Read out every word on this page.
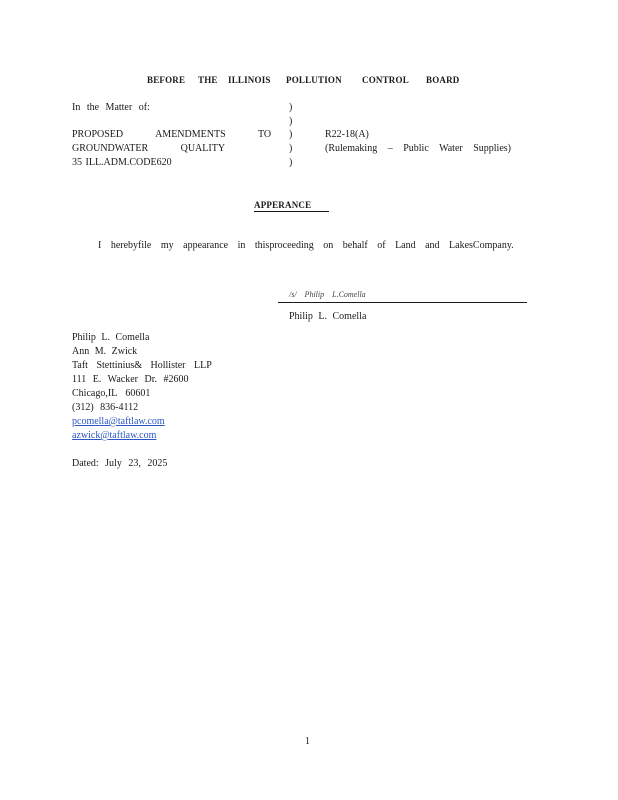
BEFORE THE ILLINOIS POLLUTION CONTROL BOARD
In the Matter of:
PROPOSED AMENDMENTS TO
GROUNDWATER QUALITY
35 ILL.ADM.CODE620
)
)
)
)
)
R22-18(A)
(Rulemaking – Public Water Supplies)
APPERANCE
I herebyfile my appearance in thisproceeding on behalf of Land and LakesCompany.
/s/ Philip L.Comella
Philip L. Comella
Philip L. Comella
Ann M. Zwick
Taft Stettinius& Hollister LLP
111 E. Wacker Dr. #2600
Chicago,IL 60601
(312) 836-4112
pcomella@taftlaw.com
azwick@taftlaw.com
Dated: July 23, 2025
1
